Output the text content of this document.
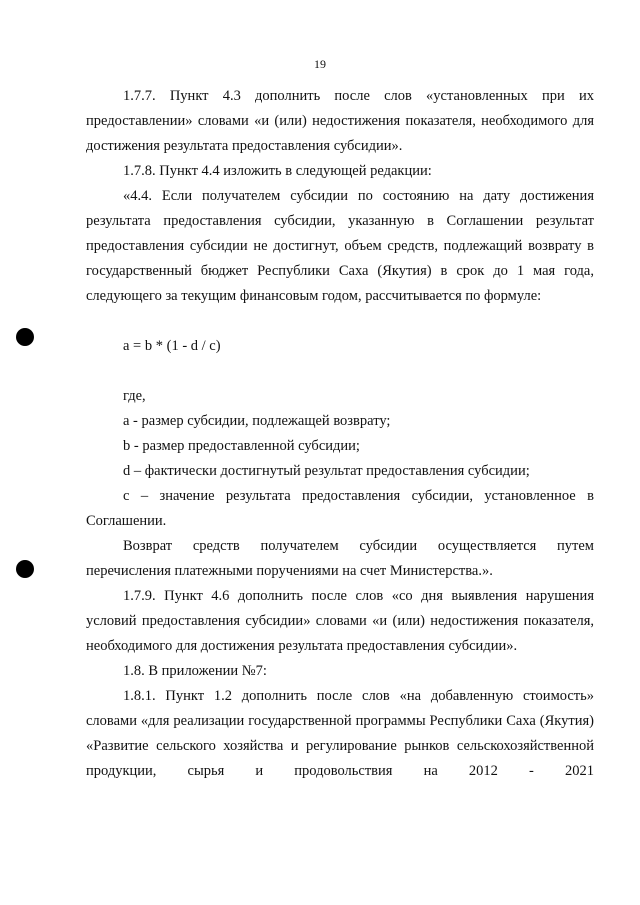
19

1.7.7. Пункт 4.3 дополнить после слов «установленных при их предоставлении» словами «и (или) недостижения показателя, необходимого для достижения результата предоставления субсидии».

1.7.8. Пункт 4.4 изложить в следующей редакции:

«4.4. Если получателем субсидии по состоянию на дату достижения результата предоставления субсидии, указанную в Соглашении результат предоставления субсидии не достигнут, объем средств, подлежащий возврату в государственный бюджет Республики Саха (Якутия) в срок до 1 мая года, следующего за текущим финансовым годом, рассчитывается по формуле:

a = b * (1 - d / c)

где,

a - размер субсидии, подлежащей возврату;

b - размер предоставленной субсидии;

d – фактически достигнутый результат предоставления субсидии;

c – значение результата предоставления субсидии, установленное в Соглашении.

Возврат средств получателем субсидии осуществляется путем перечисления платежными поручениями на счет Министерства.».

1.7.9. Пункт 4.6 дополнить после слов «со дня выявления нарушения условий предоставления субсидии» словами «и (или) недостижения показателя, необходимого для достижения результата предоставления субсидии».

1.8. В приложении №7:

1.8.1. Пункт 1.2 дополнить после слов «на добавленную стоимость» словами «для реализации государственной программы Республики Саха (Якутия) «Развитие сельского хозяйства и регулирование рынков сельскохозяйственной продукции, сырья и продовольствия на 2012 - 2021
